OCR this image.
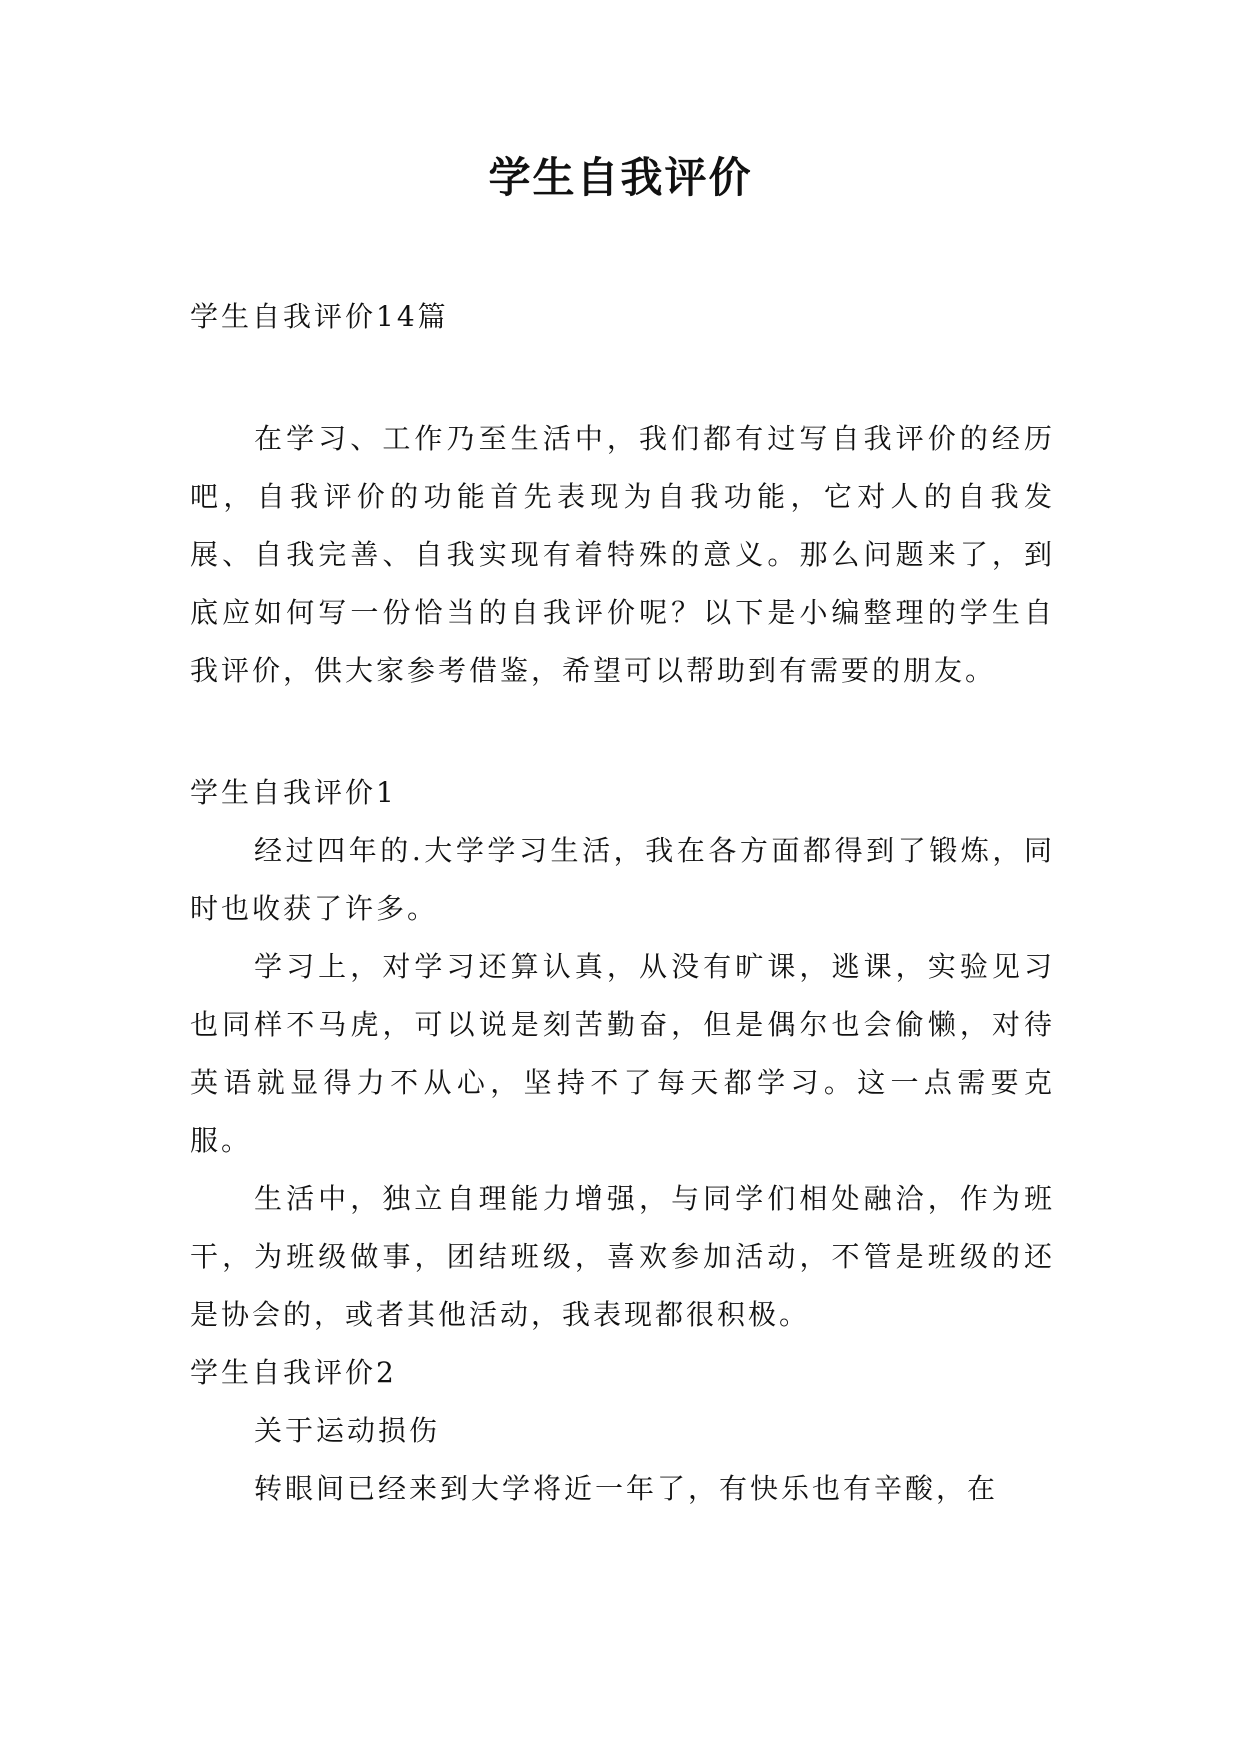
学生自我评价

学生自我评价14篇

在学习、工作乃至生活中，我们都有过写自我评价的经历吧，自我评价的功能首先表现为自我功能，它对人的自我发展、自我完善、自我实现有着特殊的意义。那么问题来了，到底应如何写一份恰当的自我评价呢？以下是小编整理的学生自我评价，供大家参考借鉴，希望可以帮助到有需要的朋友。

学生自我评价1

经过四年的.大学学习生活，我在各方面都得到了锻炼，同时也收获了许多。

学习上，对学习还算认真，从没有旷课，逃课，实验见习也同样不马虎，可以说是刻苦勤奋，但是偶尔也会偷懒，对待英语就显得力不从心，坚持不了每天都学习。这一点需要克服。

生活中，独立自理能力增强，与同学们相处融洽，作为班干，为班级做事，团结班级，喜欢参加活动，不管是班级的还是协会的，或者其他活动，我表现都很积极。

学生自我评价2

关于运动损伤

转眼间已经来到大学将近一年了，有快乐也有辛酸，在
